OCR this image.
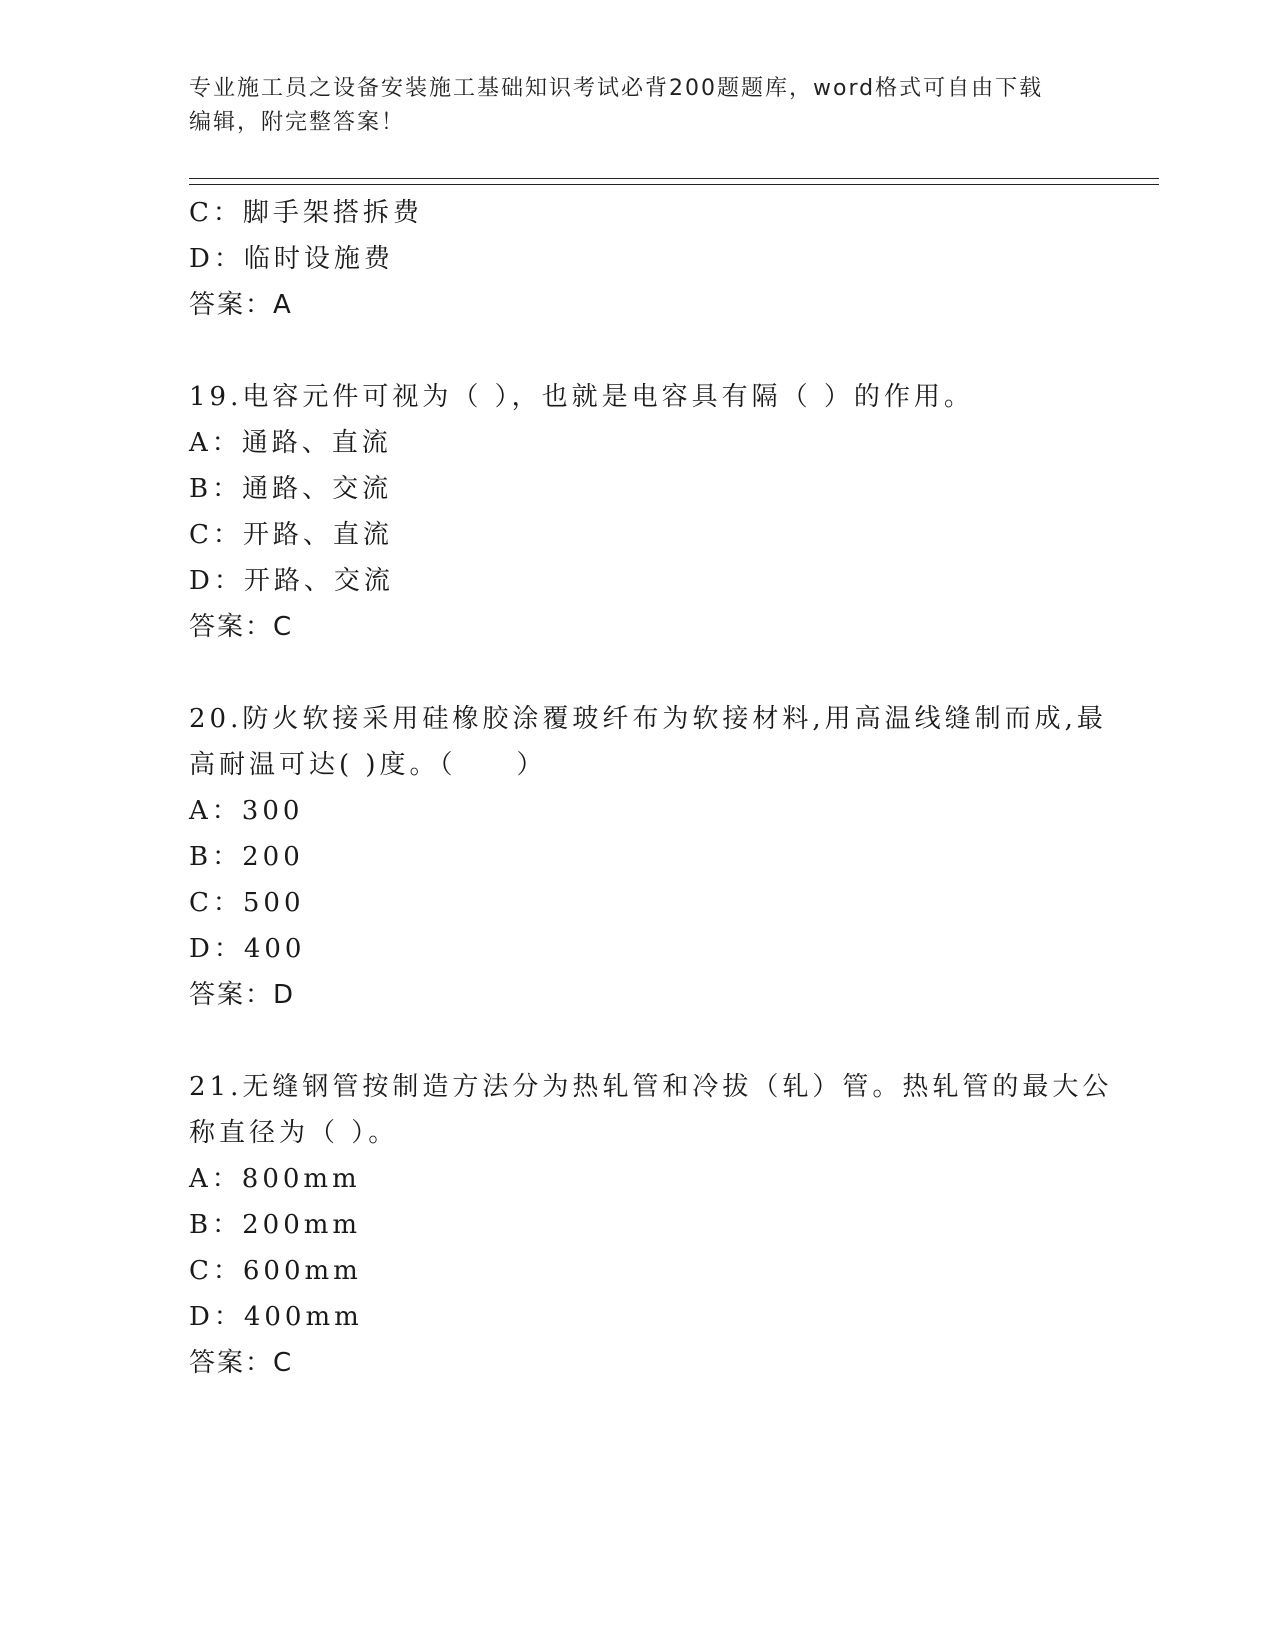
专业施工员之设备安装施工基础知识考试必背200题题库，word格式可自由下载
编辑，附完整答案！
C：脚手架搭拆费
D：临时设施费
答案：A
19.电容元件可视为（ ），也就是电容具有隔（ ）的作用。
A：通路、直流
B：通路、交流
C：开路、直流
D：开路、交流
答案：C
20.防火软接采用硅橡胶涂覆玻纤布为软接材料,用高温线缝制而成,最
高耐温可达( )度。（　　）
A：300
B：200
C：500
D：400
答案：D
21.无缝钢管按制造方法分为热轧管和冷拔（轧）管。热轧管的最大公
称直径为（ ）。
A：800mm
B：200mm
C：600mm
D：400mm
答案：C
